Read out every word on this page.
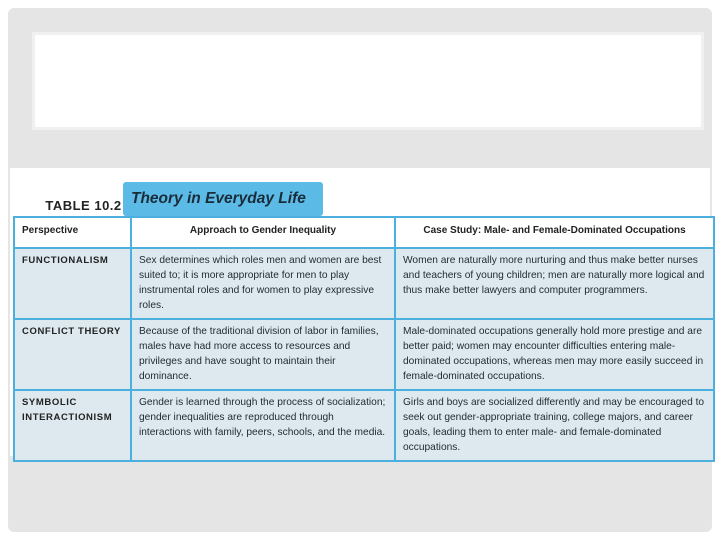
TABLE 10.2 Theory in Everyday Life
Perspective	Approach to Gender Inequality	Case Study: Male- and Female-Dominated Occupations
FUNCTIONALISM	Sex determines which roles men and women are best suited to; it is more appropriate for men to play instrumental roles and for women to play expressive roles.	Women are naturally more nurturing and thus make better nurses and teachers of young children; men are naturally more logical and thus make better lawyers and computer programmers.
CONFLICT THEORY	Because of the traditional division of labor in families, males have had more access to resources and privileges and have sought to maintain their dominance.	Male-dominated occupations generally hold more prestige and are better paid; women may encounter difficulties entering male-dominated occupations, whereas men may more easily succeed in female-dominated occupations.
SYMBOLIC INTERACTIONISM	Gender is learned through the process of socialization; gender inequalities are reproduced through interactions with family, peers, schools, and the media.	Girls and boys are socialized differently and may be encouraged to seek out gender-appropriate training, college majors, and career goals, leading them to enter male- and female-dominated occupations.
